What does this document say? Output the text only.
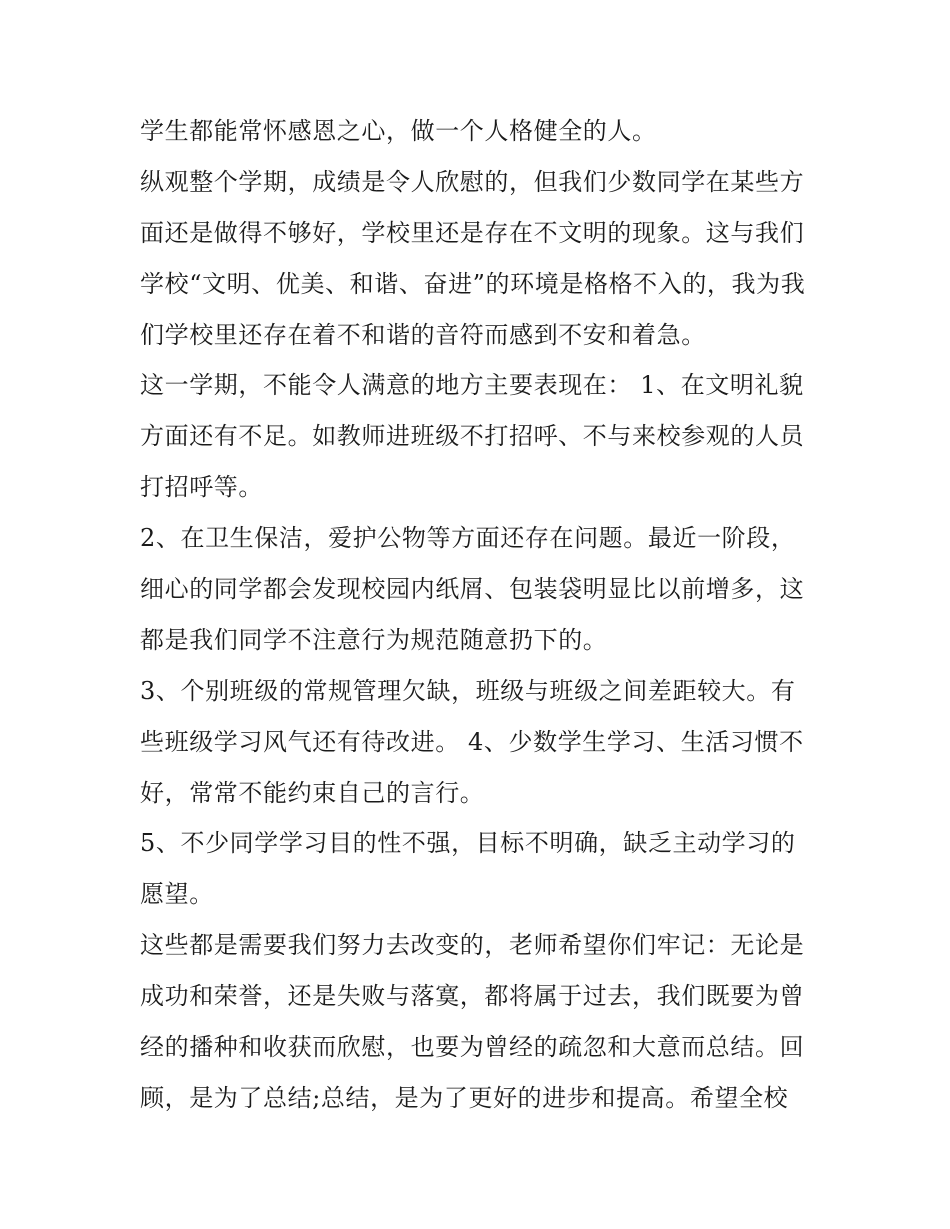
学生都能常怀感恩之心，做一个人格健全的人。
纵观整个学期，成绩是令人欣慰的，但我们少数同学在某些方
面还是做得不够好，学校里还是存在不文明的现象。这与我们
学校“文明、优美、和谐、奋进”的环境是格格不入的，我为我
们学校里还存在着不和谐的音符而感到不安和着急。
这一学期，不能令人满意的地方主要表现在： 1、在文明礼貌
方面还有不足。如教师进班级不打招呼、不与来校参观的人员
打招呼等。
2、在卫生保洁，爱护公物等方面还存在问题。最近一阶段，
细心的同学都会发现校园内纸屑、包装袋明显比以前增多，这
都是我们同学不注意行为规范随意扔下的。
3、个别班级的常规管理欠缺，班级与班级之间差距较大。有
些班级学习风气还有待改进。 4、少数学生学习、生活习惯不
好，常常不能约束自己的言行。
5、不少同学学习目的性不强，目标不明确，缺乏主动学习的
愿望。
这些都是需要我们努力去改变的，老师希望你们牢记：无论是
成功和荣誉，还是失败与落寞，都将属于过去，我们既要为曾
经的播种和收获而欣慰，也要为曾经的疏忽和大意而总结。回
顾，是为了总结;总结，是为了更好的进步和提高。希望全校
